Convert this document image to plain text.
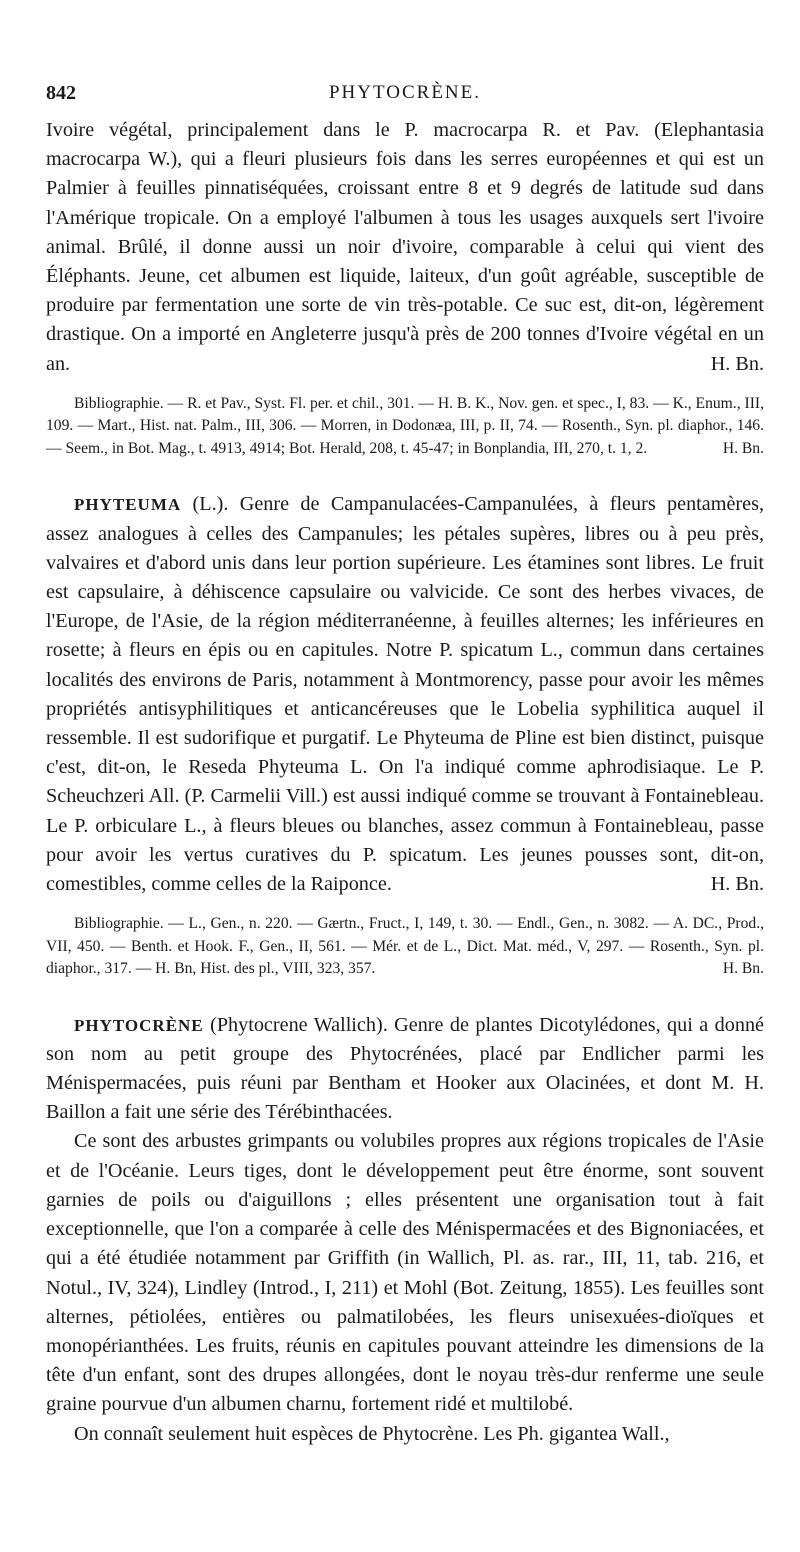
842	PHYTOCRÈNE.

Ivoire végétal, principalement dans le P. macrocarpa R. et Pav. (Elephantasia macrocarpa W.), qui a fleuri plusieurs fois dans les serres européennes et qui est un Palmier à feuilles pinnatiséquées, croissant entre 8 et 9 degrés de latitude sud dans l'Amérique tropicale. On a employé l'albumen à tous les usages auxquels sert l'ivoire animal. Brûlé, il donne aussi un noir d'ivoire, comparable à celui qui vient des Éléphants. Jeune, cet albumen est liquide, laiteux, d'un goût agréable, susceptible de produire par fermentation une sorte de vin très-potable. Ce suc est, dit-on, légèrement drastique. On a importé en Angleterre jusqu'à près de 200 tonnes d'Ivoire végétal en un an.	H. Bn.

Bibliographie. — R. et Pav., Syst. Fl. per. et chil., 301. — H. B. K., Nov. gen. et spec., I, 83. — K., Enum., III, 109. — Mart., Hist. nat. Palm., III, 306. — Morren, in Dodonæa, III, p. II, 74. — Rosenth., Syn. pl. diaphor., 146. — Seem., in Bot. Mag., t. 4913, 4914; Bot. Herald, 208, t. 45-47; in Bonplandia, III, 270, t. 1, 2.	H. Bn.

PHYTEUMA (L.). Genre de Campanulacées-Campanulées, à fleurs pentamères, assez analogues à celles des Campanules; les pétales supères, libres ou à peu près, valvaires et d'abord unis dans leur portion supérieure. Les étamines sont libres. Le fruit est capsulaire, à déhiscence capsulaire ou valvicide. Ce sont des herbes vivaces, de l'Europe, de l'Asie, de la région méditerranéenne, à feuilles alternes; les inférieures en rosette; à fleurs en épis ou en capitules. Notre P. spicatum L., commun dans certaines localités des environs de Paris, notamment à Montmorency, passe pour avoir les mêmes propriétés antisyphilitiques et anticancéreuses que le Lobelia syphilitica auquel il ressemble. Il est sudorifique et purgatif. Le Phyteuma de Pline est bien distinct, puisque c'est, dit-on, le Reseda Phyteuma L. On l'a indiqué comme aphrodisiaque. Le P. Scheuchzeri All. (P. Carmelii Vill.) est aussi indiqué comme se trouvant à Fontainebleau. Le P. orbiculare L., à fleurs bleues ou blanches, assez commun à Fontainebleau, passe pour avoir les vertus curatives du P. spicatum. Les jeunes pousses sont, dit-on, comestibles, comme celles de la Raiponce.	H. Bn.

Bibliographie. — L., Gen., n. 220. — Gærtn., Fruct., I, 149, t. 30. — Endl., Gen., n. 3082. — A. DC., Prod., VII, 450. — Benth. et Hook. F., Gen., II, 561. — Mér. et de L., Dict. Mat. méd., V, 297. — Rosenth., Syn. pl. diaphor., 317. — H. Bn, Hist. des pl., VIII, 323, 357.	H. Bn.

PHYTOCRÈNE (Phytocrene Wallich). Genre de plantes Dicotylédones, qui a donné son nom au petit groupe des Phytocrénées, placé par Endlicher parmi les Ménispermacées, puis réuni par Bentham et Hooker aux Olacinées, et dont M. H. Baillon a fait une série des Térébinthacées.

Ce sont des arbustes grimpants ou volubiles propres aux régions tropicales de l'Asie et de l'Océanie. Leurs tiges, dont le développement peut être énorme, sont souvent garnies de poils ou d'aiguillons ; elles présentent une organisation tout à fait exceptionnelle, que l'on a comparée à celle des Ménispermacées et des Bignoniacées, et qui a été étudiée notamment par Griffith (in Wallich, Pl. as. rar., III, 11, tab. 216, et Notul., IV, 324), Lindley (Introd., I, 211) et Mohl (Bot. Zeitung, 1855). Les feuilles sont alternes, pétiolées, entières ou palmatilobées, les fleurs unisexuées-dioïques et monopérianthées. Les fruits, réunis en capitules pouvant atteindre les dimensions de la tête d'un enfant, sont des drupes allongées, dont le noyau très-dur renferme une seule graine pourvue d'un albumen charnu, fortement ridé et multilobé.

On connaît seulement huit espèces de Phytocrène. Les Ph. gigantea Wall.,
